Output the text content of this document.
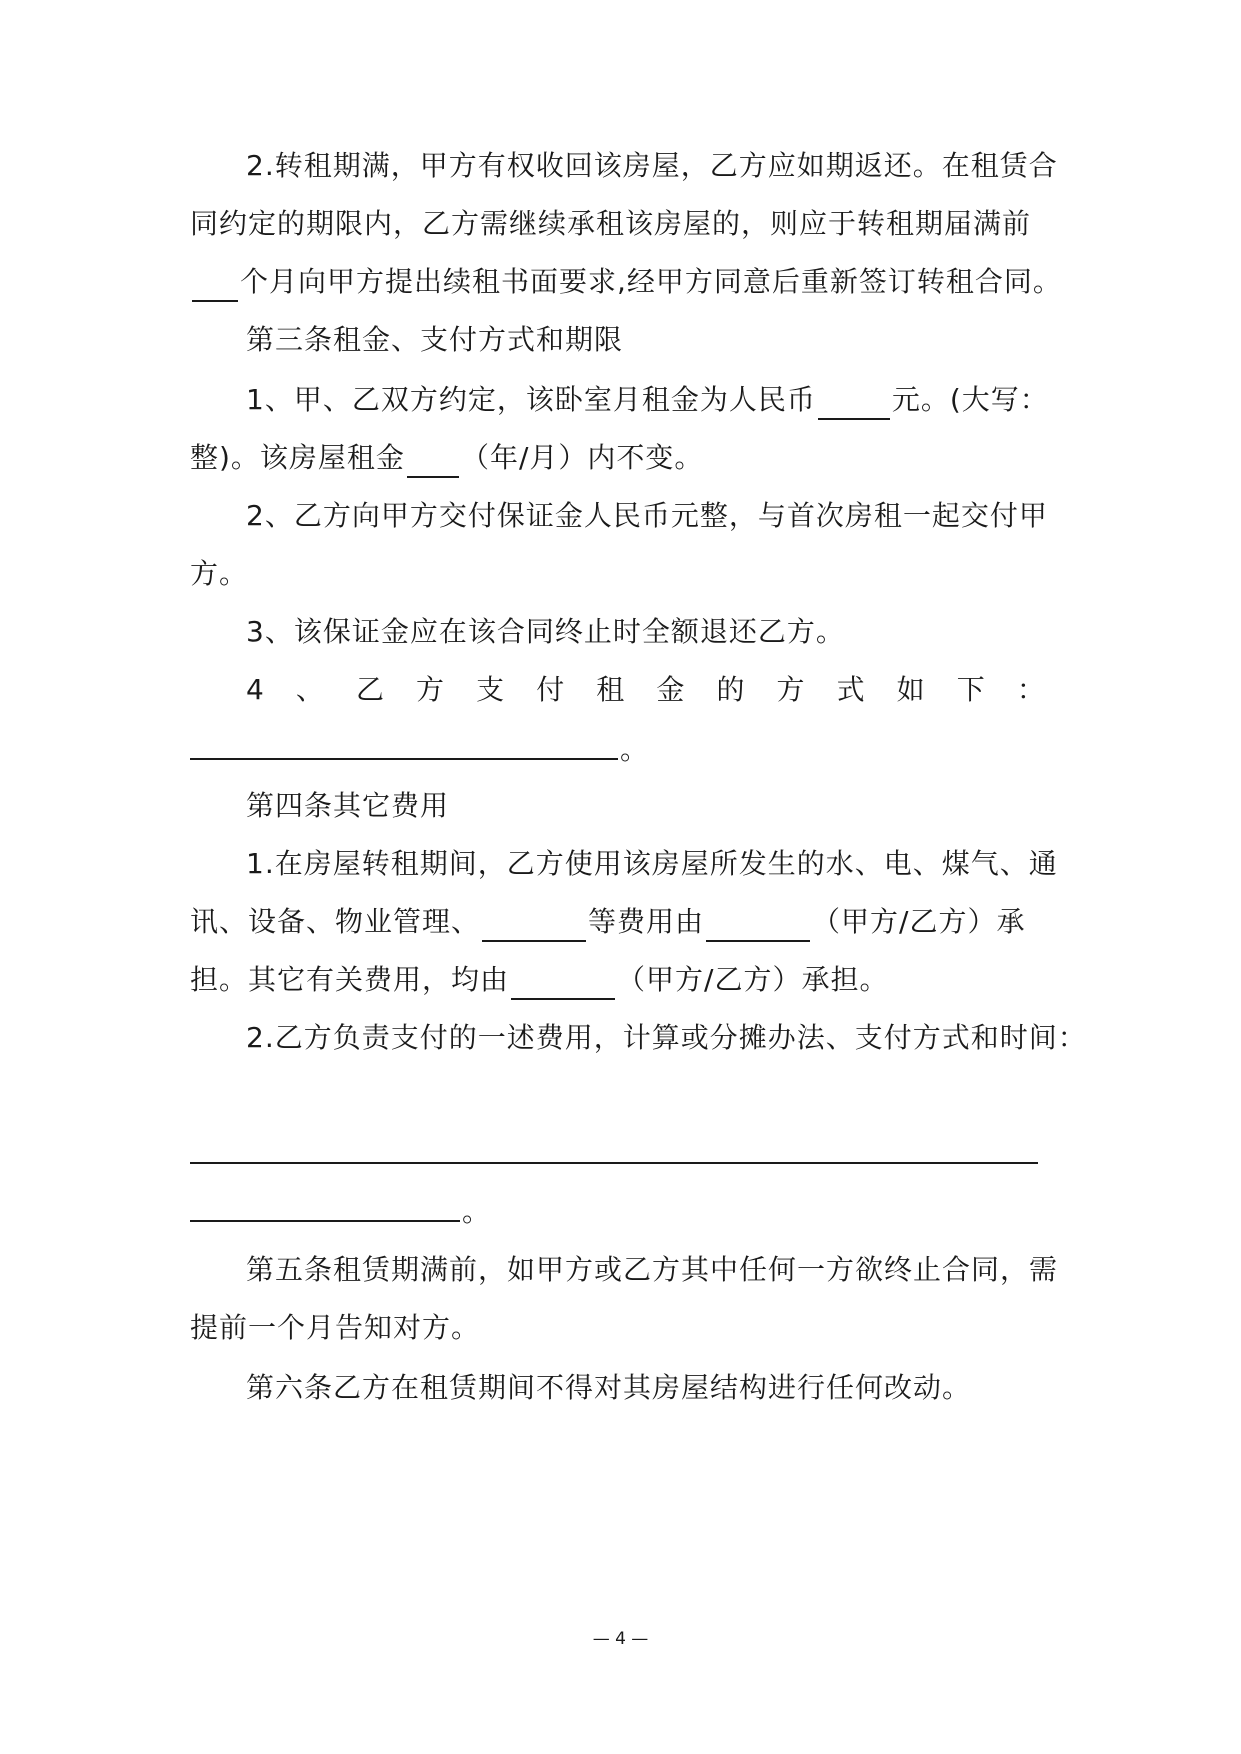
2.转租期满，甲方有权收回该房屋，乙方应如期返还。在租赁合
同约定的期限内，乙方需继续承租该房屋的，则应于转租期届满前
个月向甲方提出续租书面要求,经甲方同意后重新签订转租合同。
第三条租金、支付方式和期限
1、甲、乙双方约定，该卧室月租金为人民币	元。(大写：
整)。该房屋租金 （年/月）内不变。
2、乙方向甲方交付保证金人民币元整，与首次房租一起交付甲
方。
3、该保证金应在该合同终止时全额退还乙方。
4 、 乙 方 支 付 租 金 的 方 式 如 下 ：
。
第四条其它费用
1.在房屋转租期间，乙方使用该房屋所发生的水、电、煤气、通
讯、设备、物业管理、	等费用由	（甲方/乙方）承
担。其它有关费用，均由	（甲方/乙方）承担。
2.乙方负责支付的一述费用，计算或分摊办法、支付方式和时间：
。
第五条租赁期满前，如甲方或乙方其中任何一方欲终止合同，需
提前一个月告知对方。
第六条乙方在租赁期间不得对其房屋结构进行任何改动。
— 4 —
